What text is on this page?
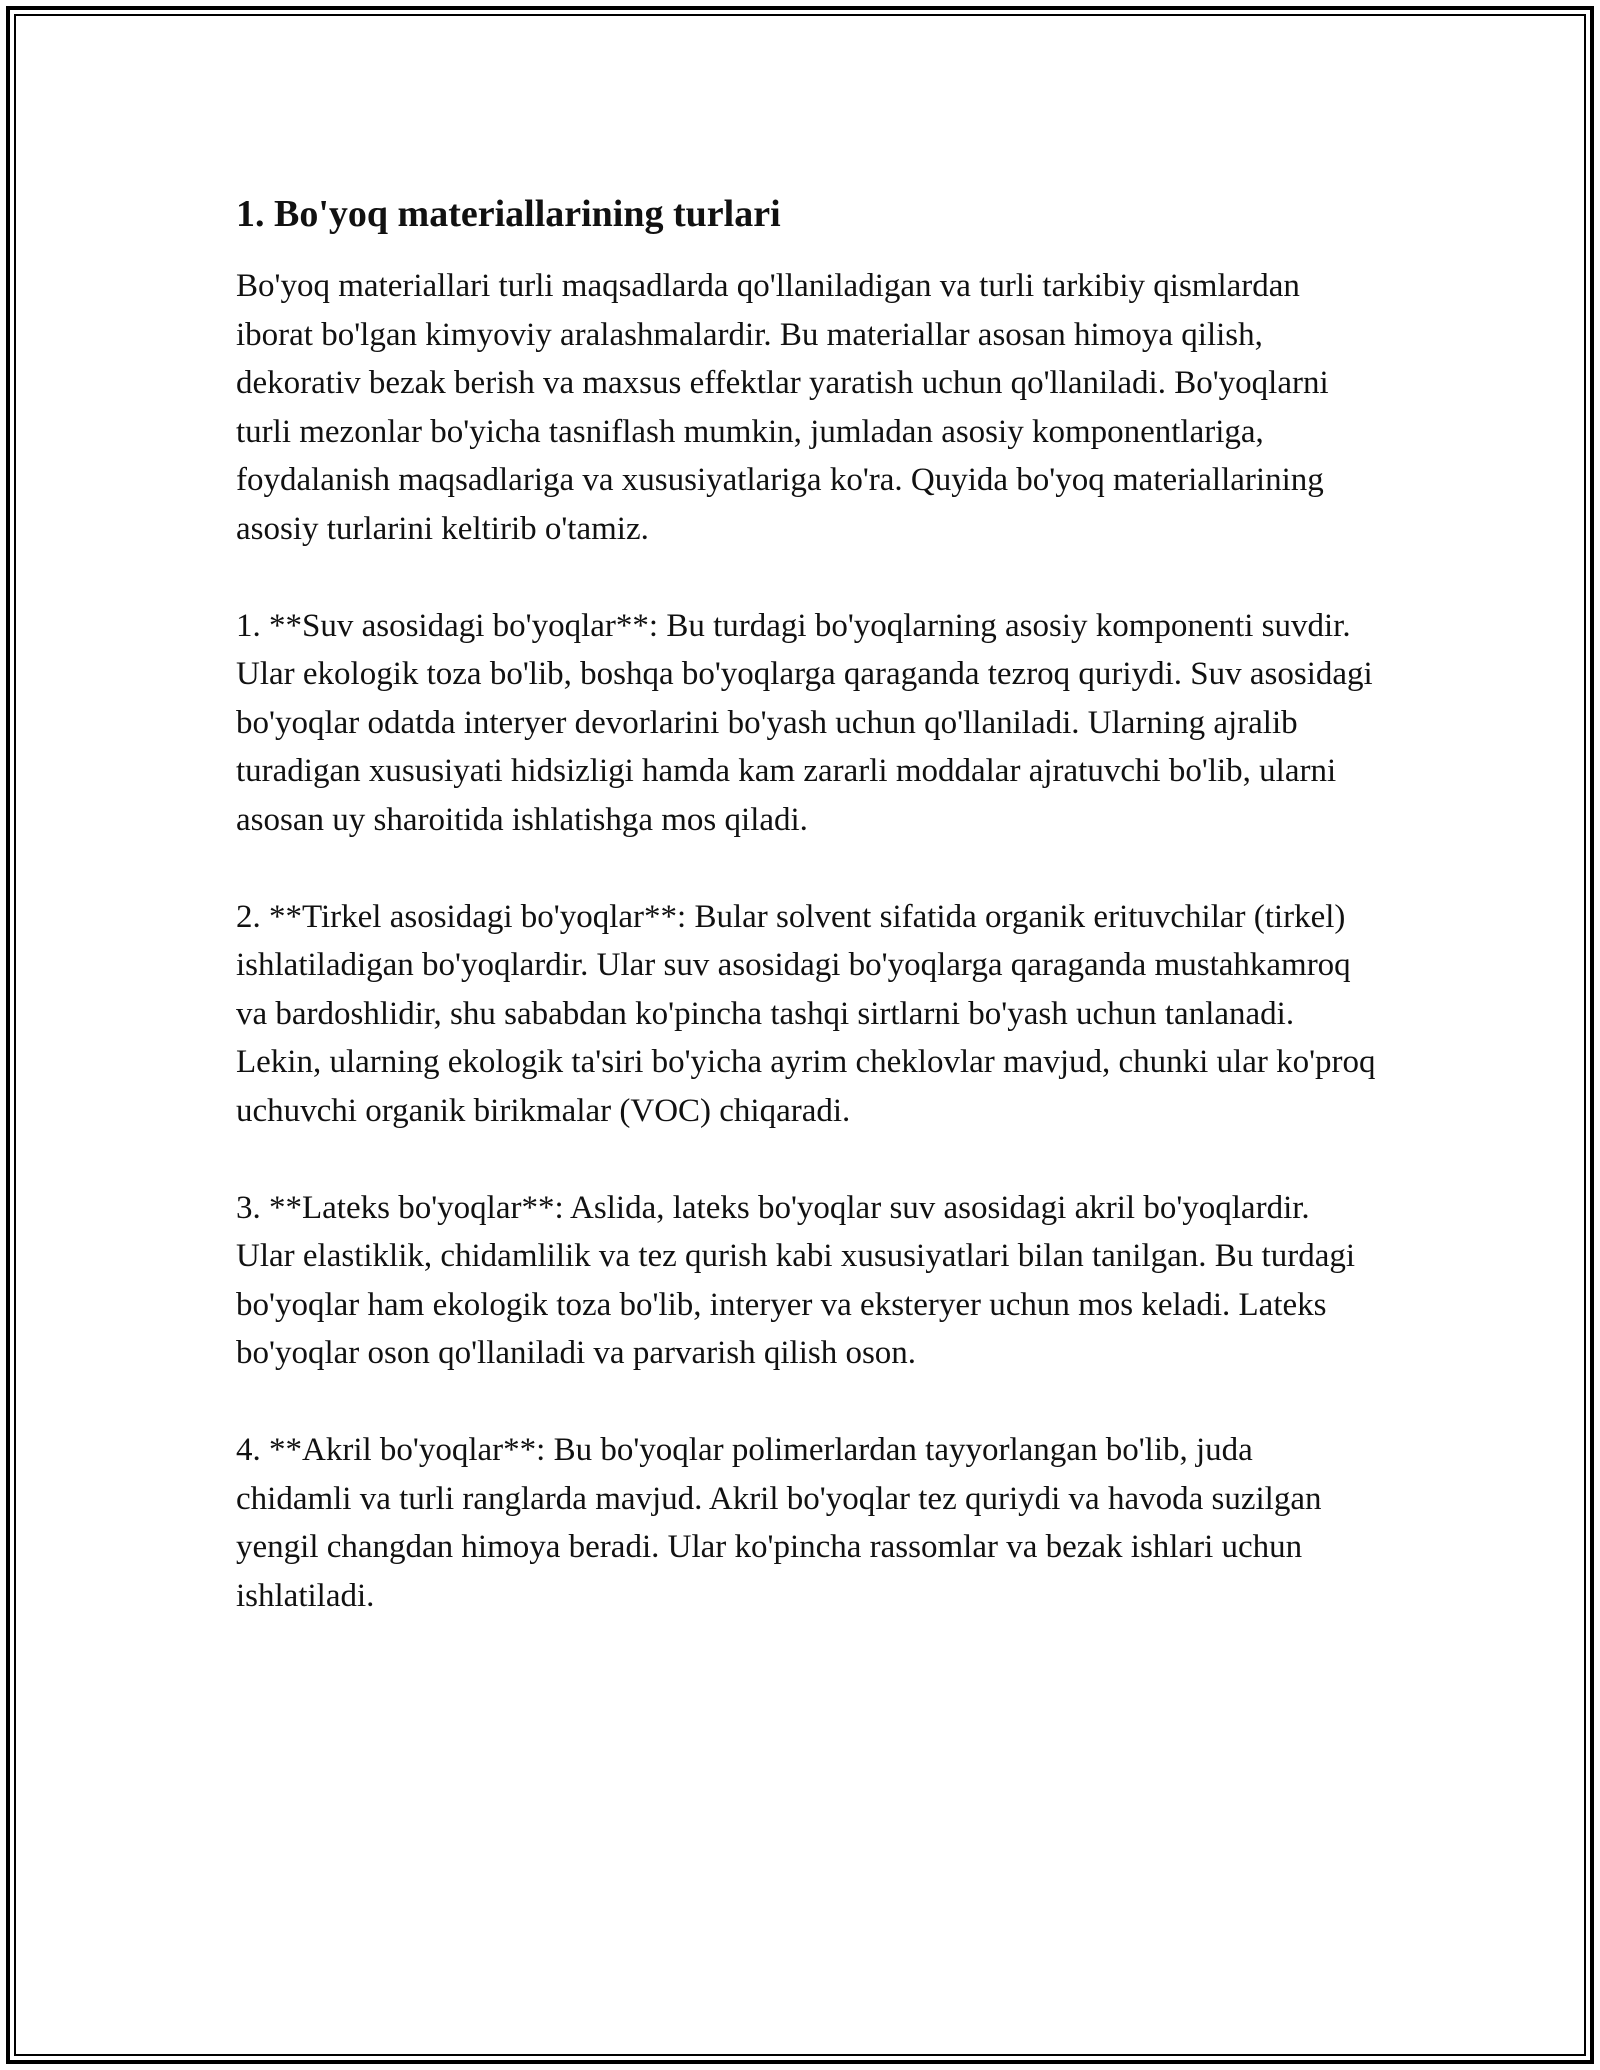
1. Bo'yoq materiallarining turlari

Bo'yoq materiallari turli maqsadlarda qo'llaniladigan va turli tarkibiy qismlardan iborat bo'lgan kimyoviy aralashmalardir. Bu materiallar asosan himoya qilish, dekorativ bezak berish va maxsus effektlar yaratish uchun qo'llaniladi. Bo'yoqlarni turli mezonlar bo'yicha tasniflash mumkin, jumladan asosiy komponentlariga, foydalanish maqsadlariga va xususiyatlariga ko'ra. Quyida bo'yoq materiallarining asosiy turlarini keltirib o'tamiz.

1. **Suv asosidagi bo'yoqlar**: Bu turdagi bo'yoqlarning asosiy komponenti suvdir. Ular ekologik toza bo'lib, boshqa bo'yoqlarga qaraganda tezroq quriydi. Suv asosidagi bo'yoqlar odatda interyer devorlarini bo'yash uchun qo'llaniladi. Ularning ajralib turadigan xususiyati hidsizligi hamda kam zararli moddalar ajratuvchi bo'lib, ularni asosan uy sharoitida ishlatishga mos qiladi.

2. **Tirkel asosidagi bo'yoqlar**: Bular solvent sifatida organik erituvchilar (tirkel) ishlatiladigan bo'yoqlardir. Ular suv asosidagi bo'yoqlarga qaraganda mustahkamroq va bardoshlidir, shu sababdan ko'pincha tashqi sirtlarni bo'yash uchun tanlanadi. Lekin, ularning ekologik ta'siri bo'yicha ayrim cheklovlar mavjud, chunki ular ko'proq uchuvchi organik birikmalar (VOC) chiqaradi.

3. **Lateks bo'yoqlar**: Aslida, lateks bo'yoqlar suv asosidagi akril bo'yoqlardir. Ular elastiklik, chidamlilik va tez qurish kabi xususiyatlari bilan tanilgan. Bu turdagi bo'yoqlar ham ekologik toza bo'lib, interyer va eksteryer uchun mos keladi. Lateks bo'yoqlar oson qo'llaniladi va parvarish qilish oson.

4. **Akril bo'yoqlar**: Bu bo'yoqlar polimerlardan tayyorlangan bo'lib, juda chidamli va turli ranglarda mavjud. Akril bo'yoqlar tez quriydi va havoda suzilgan yengil changdan himoya beradi. Ular ko'pincha rassomlar va bezak ishlari uchun ishlatiladi.
